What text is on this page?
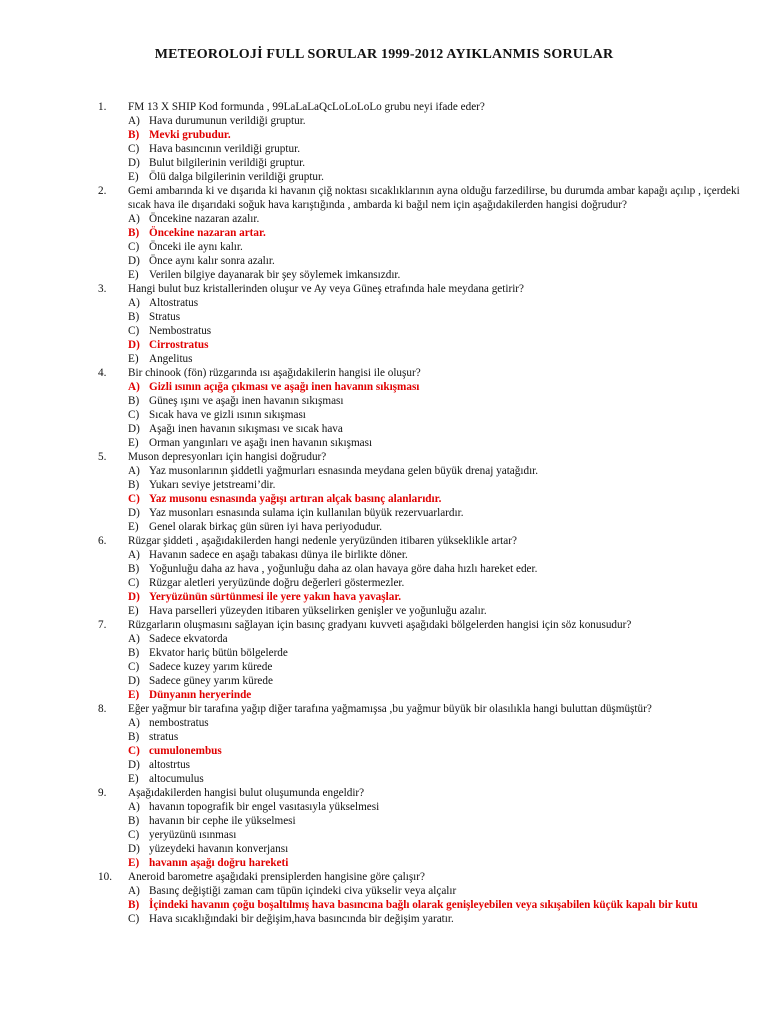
METEOROLOJİ FULL SORULAR 1999-2012 AYIKLANMIS SORULAR
1.	FM 13 X SHIP Kod formunda , 99LaLaLaQcLoLoLoLo grubu neyi ifade eder?
A) Hava durumunun verildiği gruptur.
B) Mevki grubudur.
C) Hava basıncının verildiği gruptur.
D) Bulut bilgilerinin verildiği gruptur.
E) Ölü dalga bilgilerinin verildiği gruptur.
2.	Gemi ambarında ki ve dışarıda ki havanın çiğ noktası sıcaklıklarının ayna olduğu farzedilirse, bu durumda ambar kapağı açılıp , içerdeki sıcak hava ile dışarıdaki soğuk hava karıştığında , ambarda ki bağıl nem için aşağıdakilerden hangisi doğrudur?
A) Öncekine nazaran azalır.
B) Öncekine nazaran artar.
C) Önceki ile aynı kalır.
D) Önce aynı kalır sonra azalır.
E) Verilen bilgiye dayanarak bir şey söylemek imkansızdır.
3.	Hangi bulut buz kristallerinden oluşur ve Ay veya Güneş etrafında hale meydana getirir?
A) Altostratus
B) Stratus
C) Nembostratus
D) Cirrostratus
E) Angelitus
4.	Bir chinook (fön) rüzgarında ısı aşağıdakilerin hangisi ile oluşur?
A) Gizli ısının açığa çıkması ve aşağı inen havanın sıkışması
B) Güneş ışını ve aşağı inen havanın sıkışması
C) Sıcak hava ve gizli ısının sıkışması
D) Aşağı inen havanın sıkışması ve sıcak hava
E) Orman yangınları ve aşağı inen havanın sıkışması
5.	Muson depresyonları için hangisi doğrudur?
A) Yaz musonlarının şiddetli yağmurları esnasında meydana gelen büyük drenaj yatağıdır.
B) Yukarı seviye jetstreami’dir.
C) Yaz musonu esnasında yağışı artıran alçak basınç alanlarıdır.
D) Yaz musonları esnasında sulama için kullanılan büyük rezervuarlardır.
E) Genel olarak birkaç gün süren iyi hava periyodudur.
6.	Rüzgar şiddeti , aşağıdakilerden hangi nedenle yeryüzünden itibaren yükseklikle artar?
A) Havanın sadece en aşağı tabakası dünya ile birlikte döner.
B) Yoğunluğu daha az hava , yoğunluğu daha az olan havaya göre daha hızlı hareket eder.
C) Rüzgar aletleri yeryüzünde doğru değerleri göstermezler.
D) Yeryüzünün sürtünmesi ile yere yakın hava yavaşlar.
E) Hava parselleri yüzeyden itibaren yükselirken genişler ve yoğunluğu azalır.
7.	Rüzgarların oluşmasını sağlayan için basınç gradyanı kuvveti aşağıdaki bölgelerden hangisi için söz konusudur?
A) Sadece ekvatorda
B) Ekvator hariç bütün bölgelerde
C) Sadece kuzey yarım kürede
D) Sadece güney yarım kürede
E) Dünyanın heryerinde
8.	Eğer yağmur bir tarafına yağıp diğer tarafına yağmamışsa ,bu yağmur büyük bir olasılıkla hangi buluttan düşmüştür?
A) nembostratus
B) stratus
C) cumulonembus
D) altostrtus
E) altocumulus
9.	Aşağıdakilerden hangisi bulut oluşumunda engeldir?
A) havanın topografik bir engel vasıtasıyla yükselmesi
B) havanın bir cephe ile yükselmesi
C) yeryüzünü ısınması
D) yüzeydeki havanın konverjansı
E) havanın aşağı doğru hareketi
10.	Aneroid barometre aşağıdaki prensiplerden hangisine göre çalışır?
A) Basınç değiştiği zaman cam tüpün içindeki civa yükselir veya alçalır
B) İçindeki havanın çoğu boşaltılmış hava basıncına bağlı olarak genişleyebilen veya sıkışabilen küçük kapalı bir kutu
C) Hava sıcaklığındaki bir değişim,hava basıncında bir değişim yaratır.
